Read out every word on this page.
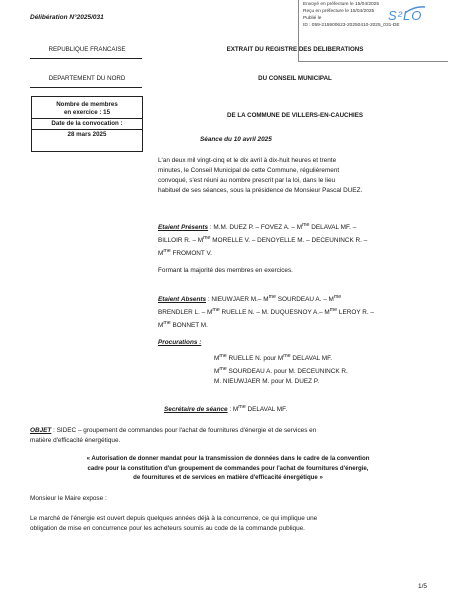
Délibération N°2025/031
Envoyé en préfecture le 15/04/2025
Reçu en préfecture le 15/04/2025
Publié le
ID : 059-215900623-20250410-2025_031-DE
S²LO
REPUBLIQUE FRANCAISE
DEPARTEMENT DU NORD
Nombre de membres
en exercice : 15
Date de la convocation :
28 mars 2025
EXTRAIT DU REGISTRE DES DELIBERATIONS
DU CONSEIL MUNICIPAL
DE LA COMMUNE DE VILLERS-EN-CAUCHIES
Séance du 10 avril 2025
L'an deux mil vingt-cinq et le dix avril à dix-huit heures et trente
minutes, le Conseil Municipal de cette Commune, régulièrement
convoqué, s'est réuni au nombre prescrit par la loi, dans le lieu
habituel de ses séances, sous la présidence de Monsieur Pascal DUEZ.
Etaient Présents : M.M. DUEZ P. – FOVEZ A. – $M^{me}$ DELAVAL MF. –
BILLOIR R. – $M^{me}$ MORELLE V. – DENOYELLE M. – DECEUNINCK R. –
$M^{me}$ FROMONT V.
Formant la majorité des membres en exercices.
Etaient Absents : NIEUWJAER M.– $M^{me}$ SOURDEAU A. – $M^{me}$
BRENDLER L. – $M^{me}$ RUELLE N. – M. DUQUESNOY A.– $M^{me}$ LEROY R. –
$M^{me}$ BONNET M.
Procurations :
$M^{me}$ RUELLE N. pour $M^{me}$ DELAVAL MF.
$M^{me}$ SOURDEAU A. pour M. DECEUNINCK R.
M. NIEUWJAER M. pour M. DUEZ P.
Secrétaire de séance : $M^{me}$ DELAVAL MF.
OBJET : SIDEC – groupement de commandes pour l'achat de fournitures d'énergie et de services en
matière d'efficacité énergétique.
« Autorisation de donner mandat pour la transmission de données dans le cadre de la convention
cadre pour la constitution d'un groupement de commandes pour l'achat de fournitures d'énergie,
de fournitures et de services en matière d'efficacité énergétique »
Monsieur le Maire expose :
Le marché de l'énergie est ouvert depuis quelques années déjà à la concurrence, ce qui implique une
obligation de mise en concurrence pour les acheteurs soumis au code de la commande publique.
1/5
